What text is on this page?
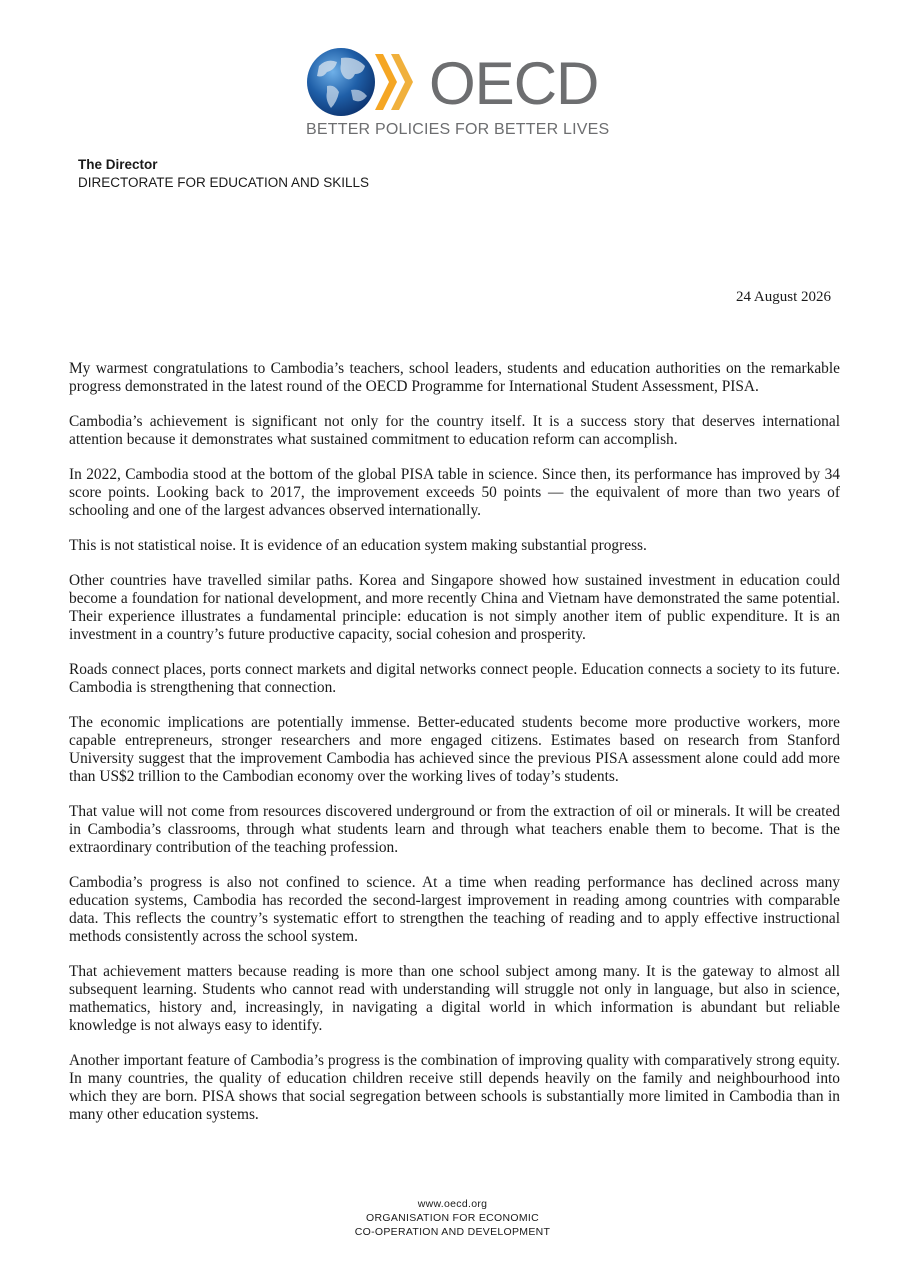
OECD
BETTER POLICIES FOR BETTER LIVES
The Director
DIRECTORATE FOR EDUCATION AND SKILLS
24 August 2026

My warmest congratulations to Cambodia’s teachers, school leaders, students and education authorities on the remarkable progress demonstrated in the latest round of the OECD Programme for International Student Assessment, PISA.

Cambodia’s achievement is significant not only for the country itself. It is a success story that deserves international attention because it demonstrates what sustained commitment to education reform can accomplish.

In 2022, Cambodia stood at the bottom of the global PISA table in science. Since then, its performance has improved by 34 score points. Looking back to 2017, the improvement exceeds 50 points — the equivalent of more than two years of schooling and one of the largest advances observed internationally.

This is not statistical noise. It is evidence of an education system making substantial progress.

Other countries have travelled similar paths. Korea and Singapore showed how sustained investment in education could become a foundation for national development, and more recently China and Vietnam have demonstrated the same potential. Their experience illustrates a fundamental principle: education is not simply another item of public expenditure. It is an investment in a country’s future productive capacity, social cohesion and prosperity.

Roads connect places, ports connect markets and digital networks connect people. Education connects a society to its future. Cambodia is strengthening that connection.

The economic implications are potentially immense. Better-educated students become more productive workers, more capable entrepreneurs, stronger researchers and more engaged citizens. Estimates based on research from Stanford University suggest that the improvement Cambodia has achieved since the previous PISA assessment alone could add more than US$2 trillion to the Cambodian economy over the working lives of today’s students.

That value will not come from resources discovered underground or from the extraction of oil or minerals. It will be created in Cambodia’s classrooms, through what students learn and through what teachers enable them to become. That is the extraordinary contribution of the teaching profession.

Cambodia’s progress is also not confined to science. At a time when reading performance has declined across many education systems, Cambodia has recorded the second-largest improvement in reading among countries with comparable data. This reflects the country’s systematic effort to strengthen the teaching of reading and to apply effective instructional methods consistently across the school system.

That achievement matters because reading is more than one school subject among many. It is the gateway to almost all subsequent learning. Students who cannot read with understanding will struggle not only in language, but also in science, mathematics, history and, increasingly, in navigating a digital world in which information is abundant but reliable knowledge is not always easy to identify.

Another important feature of Cambodia’s progress is the combination of improving quality with comparatively strong equity. In many countries, the quality of education children receive still depends heavily on the family and neighbourhood into which they are born. PISA shows that social segregation between schools is substantially more limited in Cambodia than in many other education systems.

www.oecd.org
ORGANISATION FOR ECONOMIC
CO-OPERATION AND DEVELOPMENT
